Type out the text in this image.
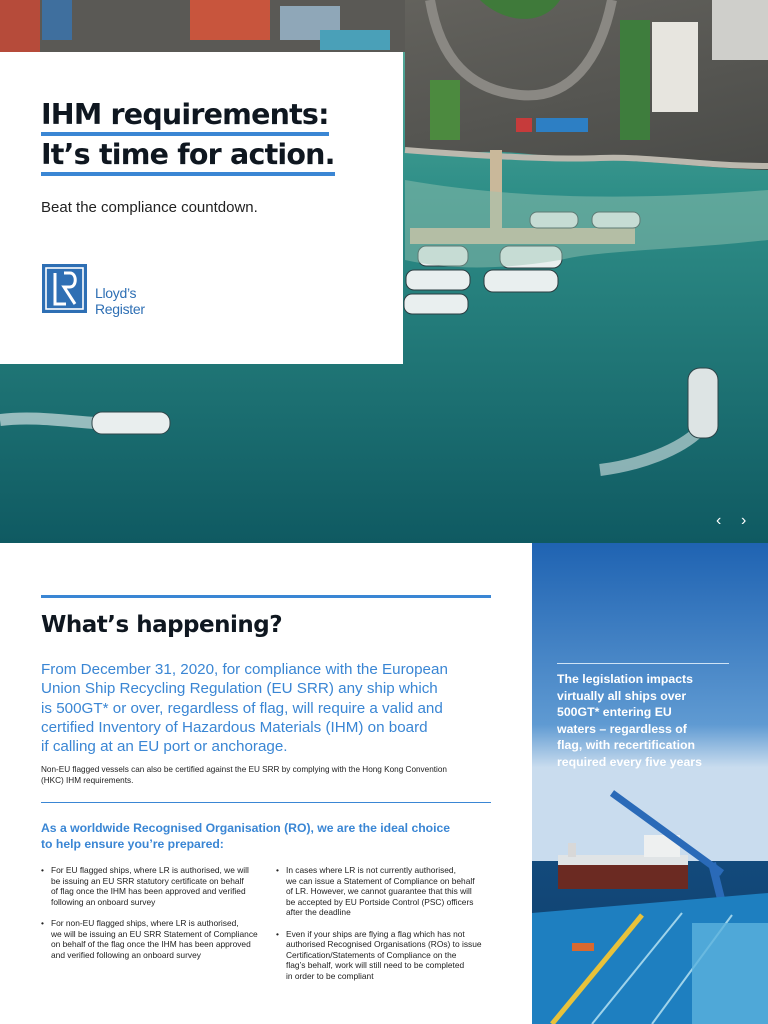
IHM requirements:
It’s time for action.
Beat the compliance countdown.
Lloyd’s
Register
‹ ›
What’s happening?
From December 31, 2020, for compliance with the European
Union Ship Recycling Regulation (EU SRR) any ship which
is 500GT* or over, regardless of flag, will require a valid and
certified Inventory of Hazardous Materials (IHM) on board
if calling at an EU port or anchorage.
Non-EU flagged vessels can also be certified against the EU SRR by complying with the Hong Kong Convention
(HKC) IHM requirements.
As a worldwide Recognised Organisation (RO), we are the ideal choice
to help ensure you’re prepared:
• For EU flagged ships, where LR is authorised, we will
be issuing an EU SRR statutory certificate on behalf
of flag once the IHM has been approved and verified
following an onboard survey
• For non-EU flagged ships, where LR is authorised,
we will be issuing an EU SRR Statement of Compliance
on behalf of the flag once the IHM has been approved
and verified following an onboard survey
• In cases where LR is not currently authorised,
we can issue a Statement of Compliance on behalf
of LR. However, we cannot guarantee that this will
be accepted by EU Portside Control (PSC) officers
after the deadline
• Even if your ships are flying a flag which has not
authorised Recognised Organisations (ROs) to issue
Certification/Statements of Compliance on the
flag’s behalf, work will still need to be completed
in order to be compliant
The legislation impacts
virtually all ships over
500GT* entering EU
waters – regardless of
flag, with recertification
required every five years
